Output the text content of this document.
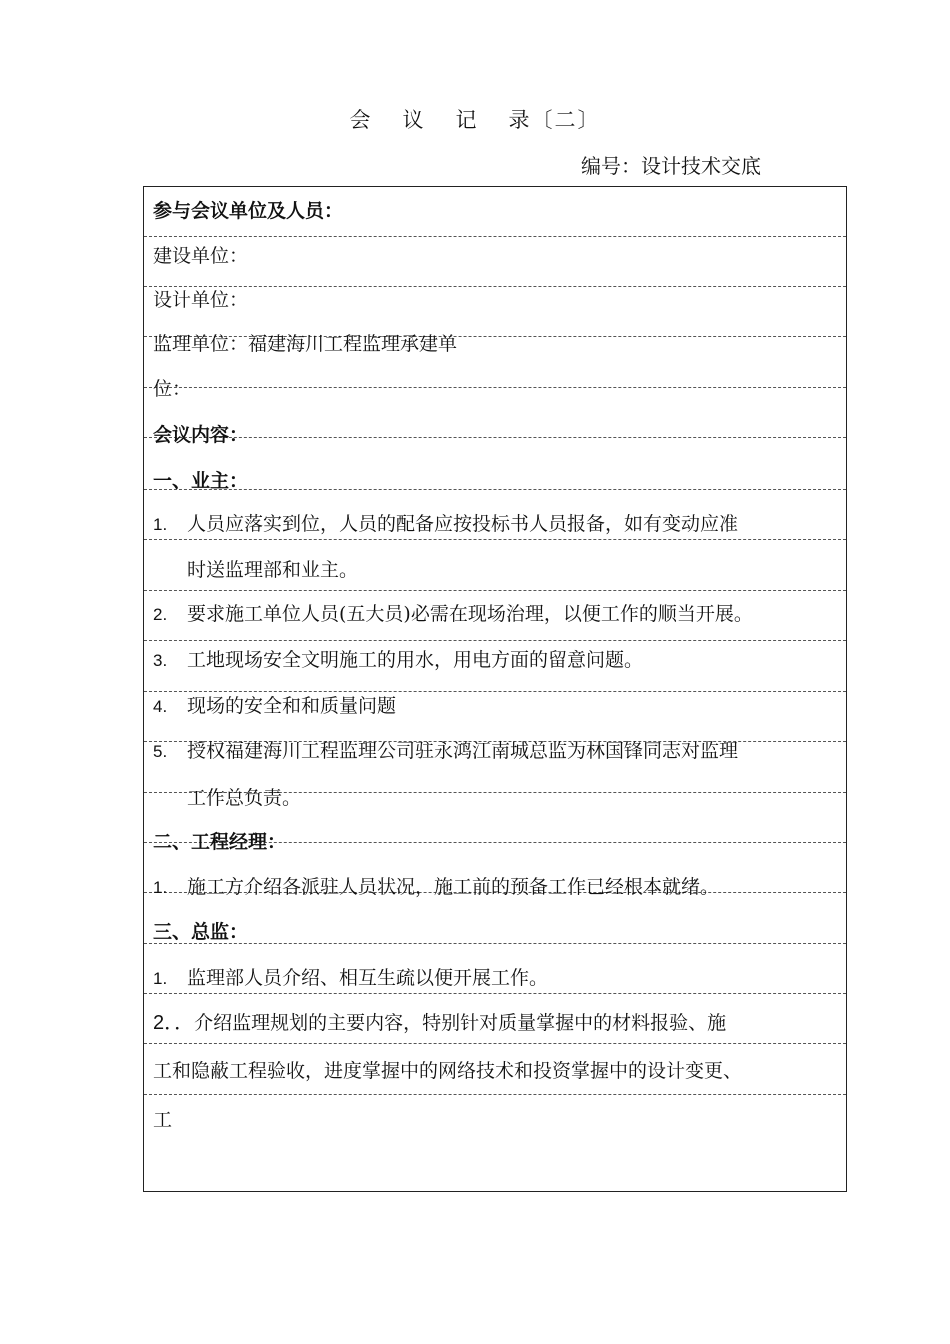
会 议 记 录〔二〕
编号：设计技术交底
参与会议单位及人员：
建设单位：
设计单位：
监理单位：福建海川工程监理承建单
位：
会议内容：
一、业主：
1. 人员应落实到位，人员的配备应按投标书人员报备，如有变动应准
时送监理部和业主。
2. 要求施工单位人员(五大员)必需在现场治理，以便工作的顺当开展。
3. 工地现场安全文明施工的用水，用电方面的留意问题。
4. 现场的安全和和质量问题
5. 授权福建海川工程监理公司驻永鸿江南城总监为林国锋同志对监理
工作总负责。
二、工程经理：
1. 施工方介绍各派驻人员状况，施工前的预备工作已经根本就绪。
三、总监：
1. 监理部人员介绍、相互生疏以便开展工作。
2．．介绍监理规划的主要内容，特别针对质量掌握中的材料报验、施
工和隐蔽工程验收，进度掌握中的网络技术和投资掌握中的设计变更、
工
